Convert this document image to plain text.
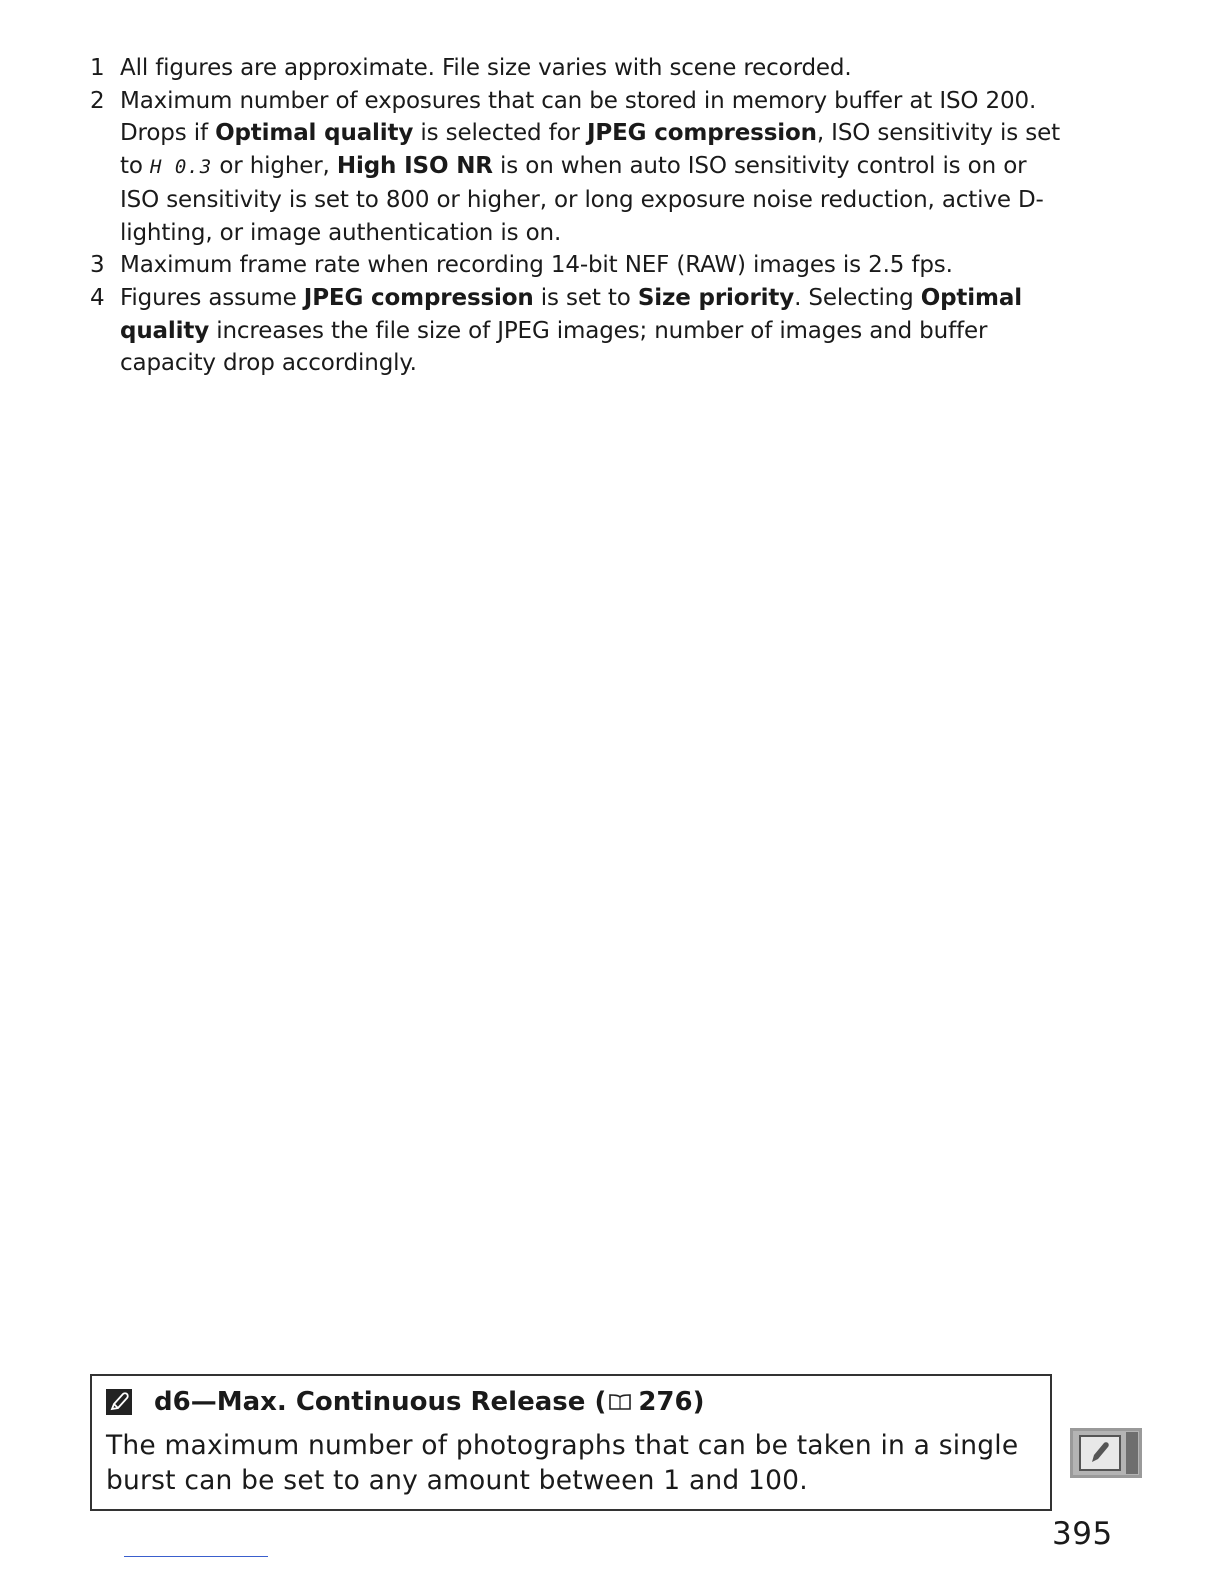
1 All figures are approximate. File size varies with scene recorded.
2 Maximum number of exposures that can be stored in memory buffer at ISO 200. Drops if Optimal quality is selected for JPEG compression, ISO sensitivity is set to H 0.3 or higher, High ISO NR is on when auto ISO sensitivity control is on or ISO sensitivity is set to 800 or higher, or long exposure noise reduction, active D-lighting, or image authentication is on.
3 Maximum frame rate when recording 14-bit NEF (RAW) images is 2.5 fps.
4 Figures assume JPEG compression is set to Size priority. Selecting Optimal quality increases the file size of JPEG images; number of images and buffer capacity drop accordingly.
d6—Max. Continuous Release ( 276 )
The maximum number of photographs that can be taken in a single burst can be set to any amount between 1 and 100.
395
